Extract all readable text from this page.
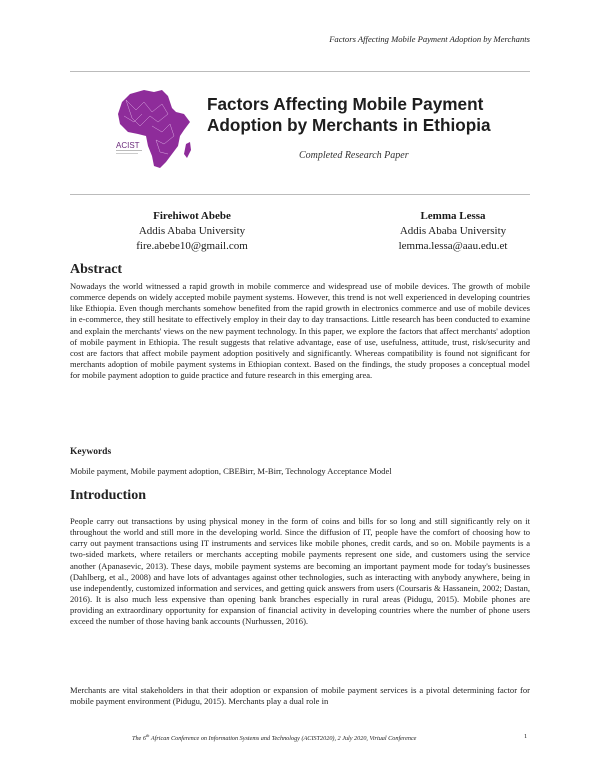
Factors Affecting Mobile Payment Adoption by Merchants
ACIST
Factors Affecting Mobile Payment Adoption by Merchants in Ethiopia
Completed Research Paper
Firehiwot Abebe
Addis Ababa University
fire.abebe10@gmail.com
Lemma Lessa
Addis Ababa University
lemma.lessa@aau.edu.et
Abstract

Nowadays the world witnessed a rapid growth in mobile commerce and widespread use of mobile devices. The growth of mobile commerce depends on widely accepted mobile payment systems. However, this trend is not well experienced in developing countries like Ethiopia. Even though merchants somehow benefited from the rapid growth in electronics commerce and use of mobile devices in e-commerce, they still hesitate to effectively employ in their day to day transactions. Little research has been conducted to examine and explain the merchants' views on the new payment technology. In this paper, we explore the factors that affect merchants' adoption of mobile payment in Ethiopia. The result suggests that relative advantage, ease of use, usefulness, attitude, trust, risk/security and cost are factors that affect mobile payment adoption positively and significantly. Whereas compatibility is found not significant for merchants adoption of mobile payment systems in Ethiopian context. Based on the findings, the study proposes a conceptual model for mobile payment adoption to guide practice and future research in this emerging area.

Keywords

Mobile payment, Mobile payment adoption, CBEBirr, M-Birr, Technology Acceptance Model

Introduction

People carry out transactions by using physical money in the form of coins and bills for so long and still significantly rely on it throughout the world and still more in the developing world. Since the diffusion of IT, people have the comfort of choosing how to carry out payment transactions using IT instruments and services like mobile phones, credit cards, and so on. Mobile payments is a two-sided markets, where retailers or merchants accepting mobile payments represent one side, and customers using the service another (Apanasevic, 2013). These days, mobile payment systems are becoming an important payment mode for today's businesses (Dahlberg, et al., 2008) and have lots of advantages against other technologies, such as interacting with anybody anywhere, being in use independently, customized information and services, and getting quick answers from users (Coursaris & Hassanein, 2002; Dastan, 2016). It is also much less expensive than opening bank branches especially in rural areas (Pidugu, 2015). Mobile phones are providing an extraordinary opportunity for expansion of financial activity in developing countries where the number of phone users exceed the number of those having bank accounts (Nurhussen, 2016).

Merchants are vital stakeholders in that their adoption or expansion of mobile payment services is a pivotal determining factor for mobile payment environment (Pidugu, 2015). Merchants play a dual role in

The 6th African Conference on Information Systems and Technology (ACIST2020), 2 July 2020, Virtual Conference	1
